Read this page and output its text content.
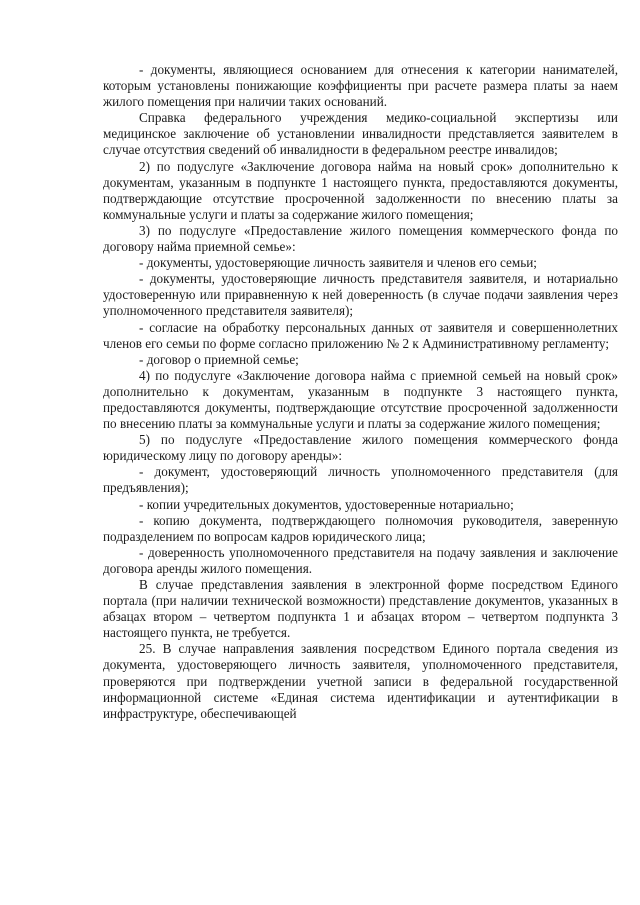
- документы, являющиеся основанием для отнесения к категории нанимателей, которым установлены понижающие коэффициенты при расчете размера платы за наем жилого помещения при наличии таких оснований.

Справка федерального учреждения медико-социальной экспертизы или медицинское заключение об установлении инвалидности представляется заявителем в случае отсутствия сведений об инвалидности в федеральном реестре инвалидов;

2) по подуслуге «Заключение договора найма на новый срок» дополнительно к документам, указанным в подпункте 1 настоящего пункта, предоставляются документы, подтверждающие отсутствие просроченной задолженности по внесению платы за коммунальные услуги и платы за содержание жилого помещения;

3) по подуслуге «Предоставление жилого помещения коммерческого фонда по договору найма приемной семье»:

- документы, удостоверяющие личность заявителя и членов его семьи;

- документы, удостоверяющие личность представителя заявителя, и нотариально удостоверенную или приравненную к ней доверенность (в случае подачи заявления через уполномоченного представителя заявителя);

- согласие на обработку персональных данных от заявителя и совершеннолетних членов его семьи по форме согласно приложению № 2 к Административному регламенту;

- договор о приемной семье;

4) по подуслуге «Заключение договора найма с приемной семьей на новый срок» дополнительно к документам, указанным в подпункте 3 настоящего пункта, предоставляются документы, подтверждающие отсутствие просроченной задолженности по внесению платы за коммунальные услуги и платы за содержание жилого помещения;

5) по подуслуге «Предоставление жилого помещения коммерческого фонда юридическому лицу по договору аренды»:

- документ, удостоверяющий личность уполномоченного представителя (для предъявления);

- копии учредительных документов, удостоверенные нотариально;

- копию документа, подтверждающего полномочия руководителя, заверенную подразделением по вопросам кадров юридического лица;

- доверенность уполномоченного представителя на подачу заявления и заключение договора аренды жилого помещения.

В случае представления заявления в электронной форме посредством Единого портала (при наличии технической возможности) представление документов, указанных в абзацах втором – четвертом подпункта 1 и абзацах втором – четвертом подпункта 3 настоящего пункта, не требуется.

25. В случае направления заявления посредством Единого портала сведения из документа, удостоверяющего личность заявителя, уполномоченного представителя, проверяются при подтверждении учетной записи в федеральной государственной информационной системе «Единая система идентификации и аутентификации в инфраструктуре, обеспечивающей
